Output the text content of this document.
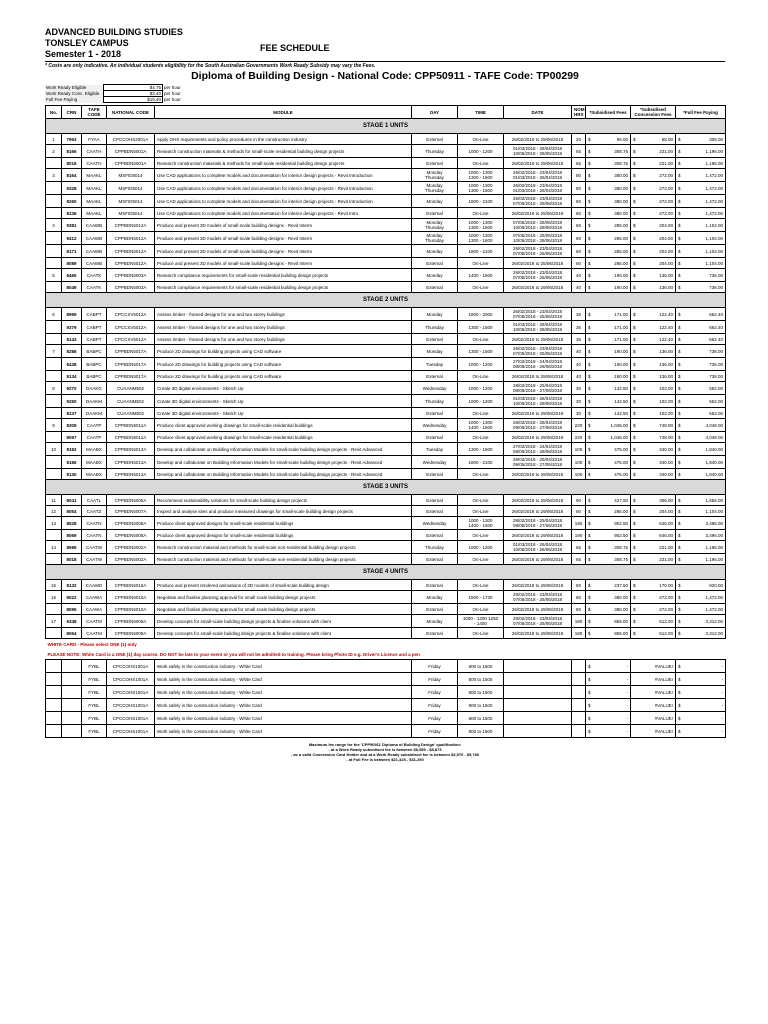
ADVANCED BUILDING STUDIES
TONSLEY CAMPUS	FEE SCHEDULE
Semester 1 - 2018
* Costs are only indicative. An individual students eligibility for the South Australian Governments Work Ready Subsidy may vary the Fees.
Diploma of Building Design - National Code: CPP50911 - TAFE Code: TP00299
Work Ready Eligible	$4.75	per hour
Work Ready Conc. Eligible	$3.40	per hour
Full Fee Paying	$15.40	per hour
No.	CRN	TAFE CODE	NATIONAL CODE	MODULE	DAY	TIME	DATE	NOM HRS	*Subsidised Fees	*Subsidised Concession Fees	*Full Fee Paying
STAGE 1 UNITS											
1	7953	FYAA	CPCCOHS2001A	Apply OHS requirements and policy procedures in the construction industry	External	On-Line	26/02/2018 to 29/06/2018	20	$ 95.00	$ 68.00	$ 308.00

2	8166	CAATH	CPPBDN5001A	Research construction materials & methods for small-scale residential building design projects	Thursday	1000 - 1200	01/03/2018 - 26/04/2018
10/05/2018 - 28/06/2018	65	$ 308.75	$ 221.00	$ 1,196.00

	8016	CAATH	CPPBDN5001A	Research construction materials & methods for small-scale residential building design projects	External	On-Line	26/02/2018 to 29/06/2018	65	$ 308.75	$ 221.00	$ 1,196.00

3	8164	MAAKL	MSFID5014	Use CAD applications to complete models and documentation for interior design projects - Revit Introduction	Monday
Thursday	1000 - 1300
1300 - 1600	26/02/2018 - 23/04/2018
01/03/2018 - 26/04/2018	80	$ 380.00	$ 272.00	$ 1,472.00

	9328	MAAKL	MSFID5014	Use CAD applications to complete models and documentation for interior design projects - Revit Introduction	Monday
Thursday	1000 - 1300
1300 - 1600	26/02/2018 - 23/04/2018
01/03/2018 - 26/04/2018	80	$ 380.00	$ 272.00	$ 1,472.00

	8260	MAAKL	MSFID5014	Use CAD applications to complete models and documentation for interior design projects - Revit Introduction	Monday	1800 - 2100	26/02/2018 - 23/04/2018
07/05/2018 - 25/06/2018	80	$ 380.00	$ 272.00	$ 1,472.00

	8136	MAAKL	MSFID5014	Use CAD applications to complete models and documentation for interior design projects - Revit Intro	External	On-Line	26/02/2018 to 25/06/2018	80	$ 380.00	$ 272.00	$ 1,472.00

4	9381	CAAWB	CPPBDN5012A	Produce and present 3D models of small-scale building designs - Revit Interm	Monday
Thursday	1000 - 1300
1300 - 1600	07/05/2018 - 25/06/2018
10/05/2018 - 28/06/2018	60	$ 285.00	$ 204.00	$ 1,104.00

	9412	CAAWB	CPPBDN5012A	Produce and present 3D models of small-scale building designs - Revit Interm	Monday
Thursday	1000 - 1300
1300 - 1600	07/05/2018 - 25/06/2018
10/05/2018 - 28/06/2018	60	$ 285.00	$ 204.00	$ 1,104.00

	8171	CAAWB	CPPBDN5012A	Produce and present 3D models of small-scale building designs - Revit Interm	Monday	1800 - 2100	26/02/2018 - 23/04/2018
07/05/2018 - 25/06/2018	60	$ 285.00	$ 204.00	$ 1,104.00

	8089	CAAWB	CPPBDN5012A	Produce and present 3D models of small-scale building designs - Revit Interm	External	On-Line	26/02/2018 to 25/06/2018	60	$ 285.00	$ 204.00	$ 1,104.00

5	8465	CAATK	CPPBDN5003A	Research compliance requirements for small-scale residential building design projects	Monday	1400 - 1600	26/02/2018 - 23/04/2018
07/05/2018 - 25/06/2018	40	$ 190.00	$ 136.00	$ 736.00

	8049	CAATK	CPPBDN5003A	Research compliance requirements for small-scale residential building design projects	External	On-Line	26/02/2018 to 29/06/2018	40	$ 190.00	$ 136.00	$ 736.00

STAGE 2 UNITS											
6	8999	CABPT	CPCCSV5012A	Assess timber - framed designs for one and two storey buildings	Monday	1800 - 2000	26/02/2018 - 23/04/2018
07/05/2018 - 25/06/2018	36	$ 171.00	$ 122.40	$ 662.40

	9379	CABPT	CPCCSV5012A	Assess timber - framed designs for one and two storey buildings	Thursday	1300 - 1500	01/03/2018 - 26/04/2018
10/05/2018 - 28/06/2018	36	$ 171.00	$ 122.40	$ 662.40

	8143	CABPT	CPCCSV5012A	Assess timber - framed designs for one and two storey buildings	External	On-Line	26/02/2018 to 29/06/2018	36	$ 171.00	$ 122.40	$ 662.40

7	8286	BABPC	CPPBDN5017A	Produce 2D drawings for building projects using CAD software	Monday	1300 - 1500	26/02/2018 - 23/04/2018
07/05/2018 - 25/06/2018	40	$ 190.00	$ 136.00	$ 736.00

	8438	BABPC	CPPBDN5017A	Produce 2D drawings for building projects using CAD software	Tuesday	1000 - 1200	27/02/2018 - 24/04/2018
08/05/2018 - 26/06/2018	40	$ 190.00	$ 136.00	$ 736.00

	8134	BABPC	CPPBDN5017A	Produce 2D drawings for building projects using CAD software	External	On-Line	26/02/2018 to 29/06/2018	40	$ 190.00	$ 136.00	$ 736.00

8	9270	DAAKG	CUAANM502	Create 3D digital environments - Sketch Up	Wednesday	1000 - 1200	28/02/2018 - 25/04/2018
09/05/2018 - 27/06/2018	30	$ 142.50	$ 102.00	$ 552.00

	9250	DAAKM	CUAANM502	Create 3D digital environments - Sketch Up	Thursday	1000 - 1200	01/03/2018 - 26/04/2018
10/05/2018 - 28/06/2018	30	$ 142.50	$ 102.00	$ 552.00

	8137	DAAKM	CUAANM502	Create 3D digital environments - Sketch Up	External	On-Line	26/02/2018 to 29/06/2018	30	$ 142.50	$ 102.00	$ 552.00

9	8309	CAATP	CPPBDN5011A	Produce client approved working drawings for small-scale residential buildings	Wednesday	1000 - 1300
1400 - 1600	28/02/2018 - 25/04/2018
09/05/2018 - 27/06/2018	220	$ 1,045.00	$ 748.00	$ 4,048.00

	8097	CAATP	CPPBDN5011A	Produce client approved working drawings for small-scale residential buildings	External	On-Line	26/02/2018 to 29/06/2018	220	$ 1,045.00	$ 748.00	$ 4,048.00

10	8192	MAABX	CPPBDN5013A	Develop and collaborate on Building Information Models for small-scale building design projects - Revit Advanced	Tuesday	1300 - 1600	27/02/2018 - 24/04/2018
08/05/2018 - 26/06/2018	100	$ 475.00	$ 340.00	$ 1,840.00

	8186	MAABX	CPPBDN5013A	Develop and collaborate on Building Information Models for small-scale building design projects - Revit Advanced	Wednesday	1800 - 2100	28/02/2018 - 25/04/2018
09/05/2018 - 27/06/2018	100	$ 475.00	$ 340.00	$ 1,840.00

	8130	MAABX	CPPBDN5013A	Develop and collaborate on Building Information Models for small-scale building design projects - Revit Advanced	External	On-Line	26/02/2018 to 29/06/2018	100	$ 475.00	$ 340.00	$ 1,840.00

STAGE 3 UNITS											
11	8041	CAATL	CPPBDN5005A	Recommend sustainability solutions for small-scale building design projects	External	On-Line	26/02/2018 to 29/06/2018	90	$ 427.50	$ 306.00	$ 1,656.00

12	8054	CAATZ	CPPBDN5007A	Inspect and analyse sites and produce measured drawings for small-scale building design projects	External	On-Line	26/02/2018 to 29/06/2018	60	$ 285.00	$ 204.00	$ 1,104.00

13	8528	CAATN	CPPBDN5008A	Produce client approved designs for small-scale residential buildings	Wednesday	1000 - 1300
1400 - 1600	28/02/2018 - 25/04/2018
09/05/2018 - 27/06/2018	190	$ 902.50	$ 646.00	$ 3,496.00

	8069	CAATN	CPPBDN5008A	Produce client approved designs for small-scale residential buildings	External	On-Line	26/02/2018 to 29/06/2018	190	$ 902.50	$ 646.00	$ 3,496.00

14	8596	CAATW	CPPBDN5002A	Research construction material and methods for small-scale non-residential building design projects	Thursday	1000 - 1200	01/03/2018 - 26/04/2018
10/05/2018 - 28/06/2018	65	$ 308.75	$ 221.00	$ 1,196.00

	8018	CAATW	CPPBDN5002A	Research construction material and methods for small-scale non-residential building design projects	External	On-Line	26/02/2018 to 29/06/2018	65	$ 308.75	$ 221.00	$ 1,196.00

STAGE 4 UNITS											
15	8132	CAAWD	CPPBDN5016A	Produce and present rendered animations of 3D models of small-scale building design	External	On-Line	26/02/2018 to 29/06/2018	50	$ 237.50	$ 170.00	$ 920.00

16	9022	CAAWA	CPPBDN5010A	Negotiate and finalise planning approval for small scale building design projects	Monday	1500 - 1730	26/02/2018 - 23/04/2018
07/05/2018 - 25/06/2018	80	$ 380.00	$ 272.00	$ 1,472.00

	8095	CAAWA	CPPBDN5010A	Negotiate and finalise planning approval for small scale building design projects	External	On-Line	26/02/2018 to 29/06/2018	80	$ 380.00	$ 272.00	$ 1,472.00

17	9348	CAATM	CPPBDN5009A	Develop concepts for small-scale building design projects & finalise solutions with client	Monday	1000 - 1200 1250
- 1400	26/02/2018 - 23/04/2018
07/05/2018 - 25/06/2018	180	$ 855.00	$ 612.00	$ 3,312.00

	8064	CAATM	CPPBDN5009A	Develop concepts for small-scale building design projects & finalise solutions with client	External	On-Line	26/02/2018 to 29/06/2018	180	$ 855.00	$ 612.00	$ 3,312.00

WHITE CARD - Please select ONE (1) only											
PLEASE NOTE: White Card is a ONE (1) day course. DO NOT be late to your event or you will not be admitted to training. Please bring Photo ID e.g. Driver's Licence and a pen											
		FYBL	CPCCOHS1001A	Work safely in the construction industry - White Card	Friday	800 to 1500			$ -	#VALUE!	$ -

		FYBL	CPCCOHS1001A	Work safely in the construction industry - White Card	Friday	800 to 1500			$ -	#VALUE!	$ -

		FYBL	CPCCOHS1001A	Work safely in the construction industry - White Card	Friday	800 to 1500			$ -	#VALUE!	$ -

		FYBL	CPCCOHS1001A	Work safely in the construction industry - White Card	Friday	800 to 1500			$ -	#VALUE!	$ -

		FYBL	CPCCOHS1001A	Work safely in the construction industry - White Card	Friday	800 to 1500			$ -	#VALUE!	$ -

		FYBL	CPCCOHS1001A	Work safely in the construction industry - White Card	Friday	800 to 1500			$ -	#VALUE!	$ -
Maximum fee range for the 'CPP50911 Diploma of Building Design' qualification:
- at a Work Ready subsidised fee is between $6,559 - $8,873
- as a valid Concession Card Holder and at a Work Ready subsidised fee is between $3,570 - $5,780
- at Full Fee is between $21,328 - $31,250
